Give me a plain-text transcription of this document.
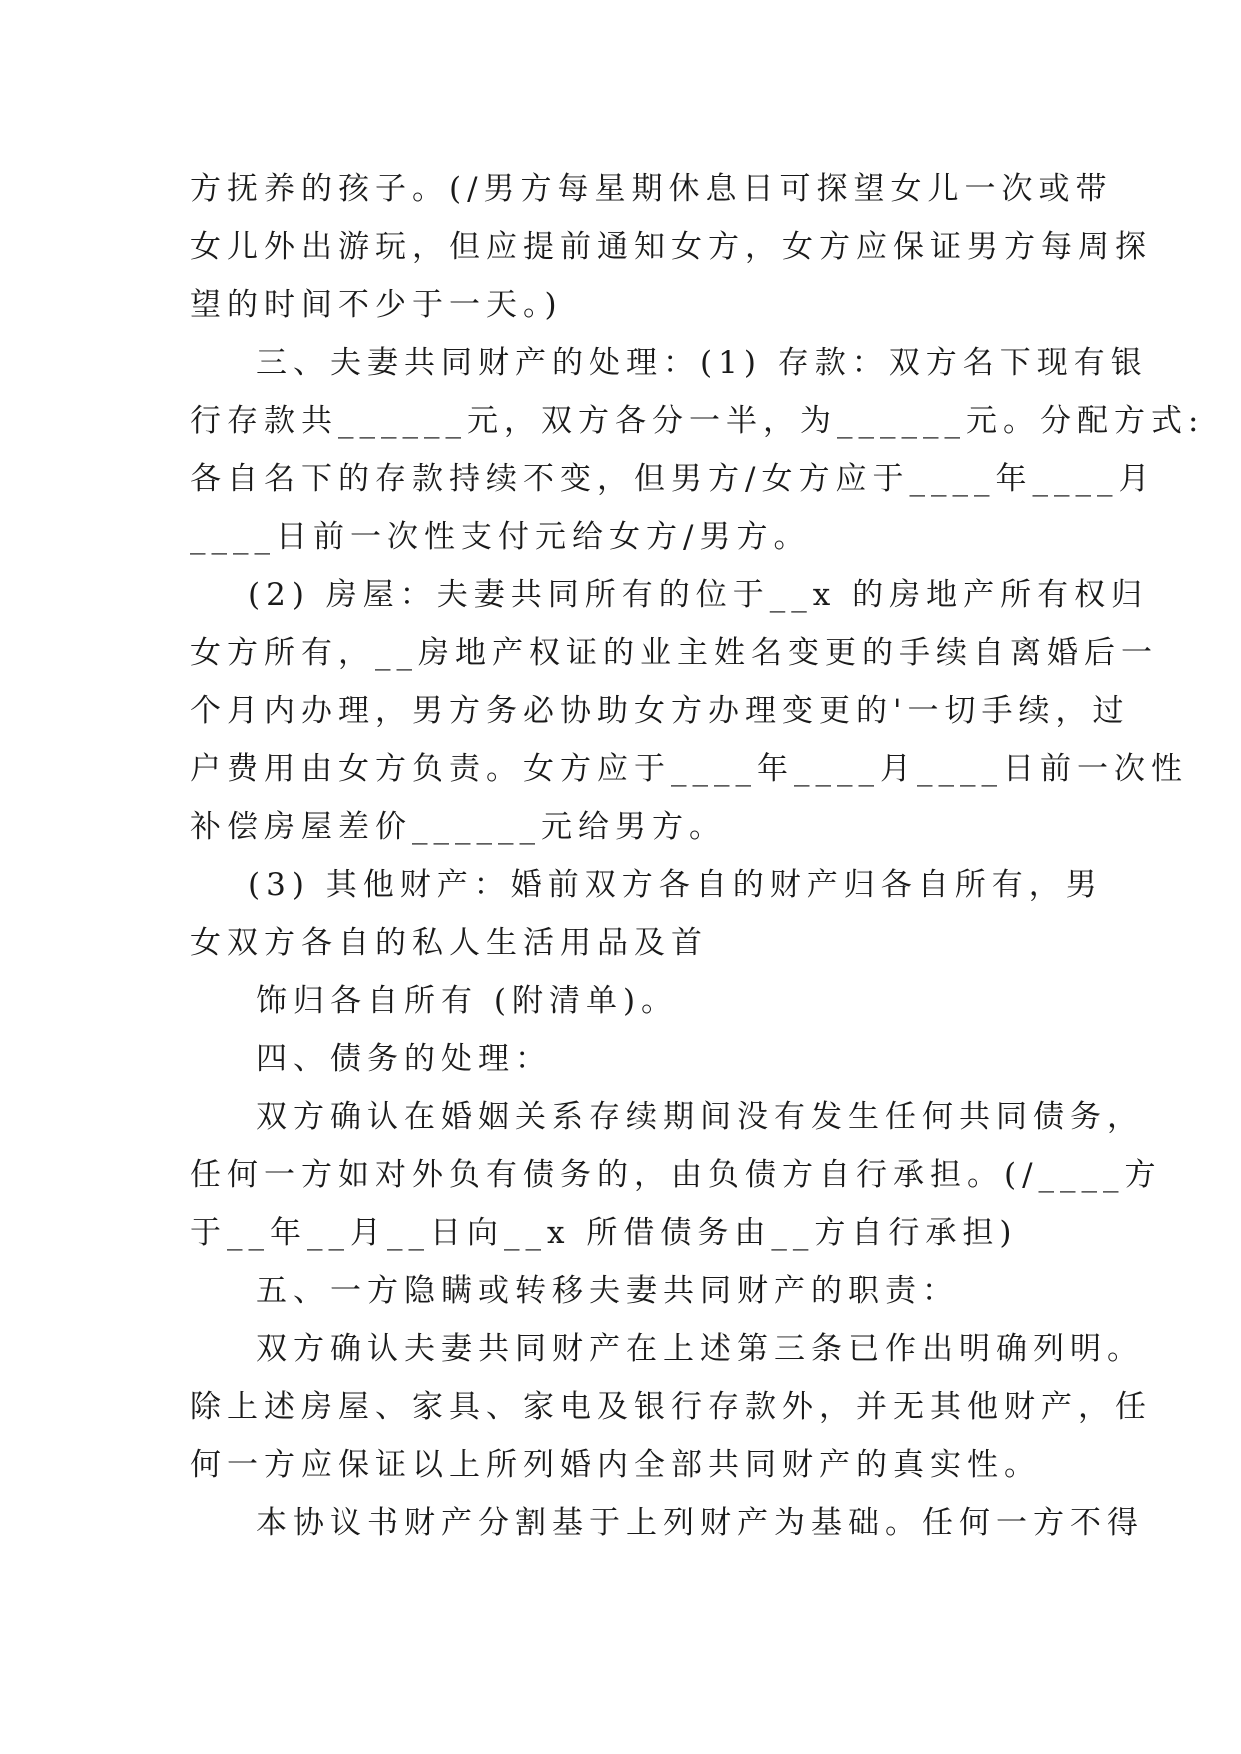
方抚养的孩子。(/男方每星期休息日可探望女儿一次或带

女儿外出游玩，但应提前通知女方，女方应保证男方每周探

望的时间不少于一天。)

三、夫妻共同财产的处理：(1) 存款：双方名下现有银

行存款共______元，双方各分一半，为______元。分配方式:

各自名下的存款持续不变，但男方/女方应于____年____月

____日前一次性支付元给女方/男方。

(2) 房屋：夫妻共同所有的位于__x 的房地产所有权归

女方所有，__房地产权证的业主姓名变更的手续自离婚后一

个月内办理，男方务必协助女方办理变更的'一切手续，过

户费用由女方负责。女方应于____年____月____日前一次性

补偿房屋差价______元给男方。

(3) 其他财产：婚前双方各自的财产归各自所有，男

女双方各自的私人生活用品及首

饰归各自所有 (附清单)。

四、债务的处理：

双方确认在婚姻关系存续期间没有发生任何共同债务，

任何一方如对外负有债务的，由负债方自行承担。(/____方

于__年__月__日向__x 所借债务由__方自行承担)

五、一方隐瞒或转移夫妻共同财产的职责：

双方确认夫妻共同财产在上述第三条已作出明确列明。

除上述房屋、家具、家电及银行存款外，并无其他财产，任

何一方应保证以上所列婚内全部共同财产的真实性。

本协议书财产分割基于上列财产为基础。任何一方不得
